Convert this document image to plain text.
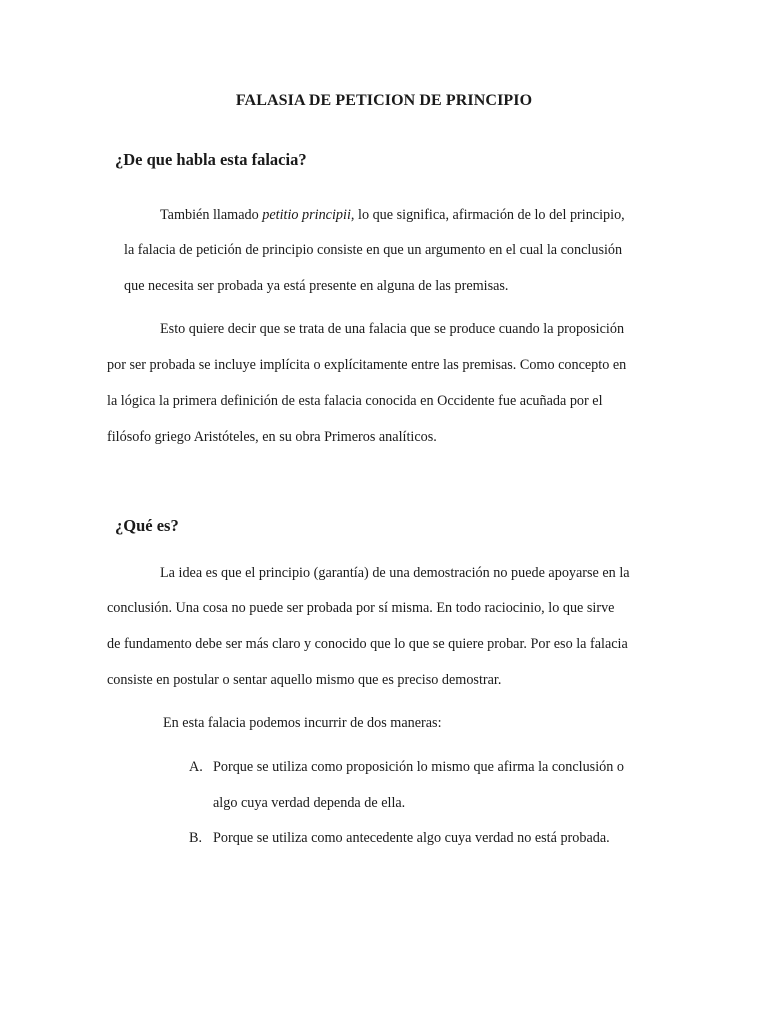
FALASIA DE PETICION DE PRINCIPIO
¿De que habla esta falacia?
También llamado petitio principii, lo que significa, afirmación de lo del principio,
la falacia de petición de principio consiste en que un argumento en el cual la conclusión
que necesita ser probada ya está presente en alguna de las premisas.
Esto quiere decir que se trata de una falacia que se produce cuando la proposición
por ser probada se incluye implícita o explícitamente entre las premisas. Como concepto en
la lógica la primera definición de esta falacia conocida en Occidente fue acuñada por el
filósofo griego Aristóteles, en su obra Primeros analíticos.
¿Qué es?
La idea es que el principio (garantía) de una demostración no puede apoyarse en la
conclusión. Una cosa no puede ser probada por sí misma. En todo raciocinio, lo que sirve
de fundamento debe ser más claro y conocido que lo que se quiere probar. Por eso la falacia
consiste en postular o sentar aquello mismo que es preciso demostrar.
En esta falacia podemos incurrir de dos maneras:
A. Porque se utiliza como proposición lo mismo que afirma la conclusión o
algo cuya verdad dependa de ella.
B. Porque se utiliza como antecedente algo cuya verdad no está probada.
